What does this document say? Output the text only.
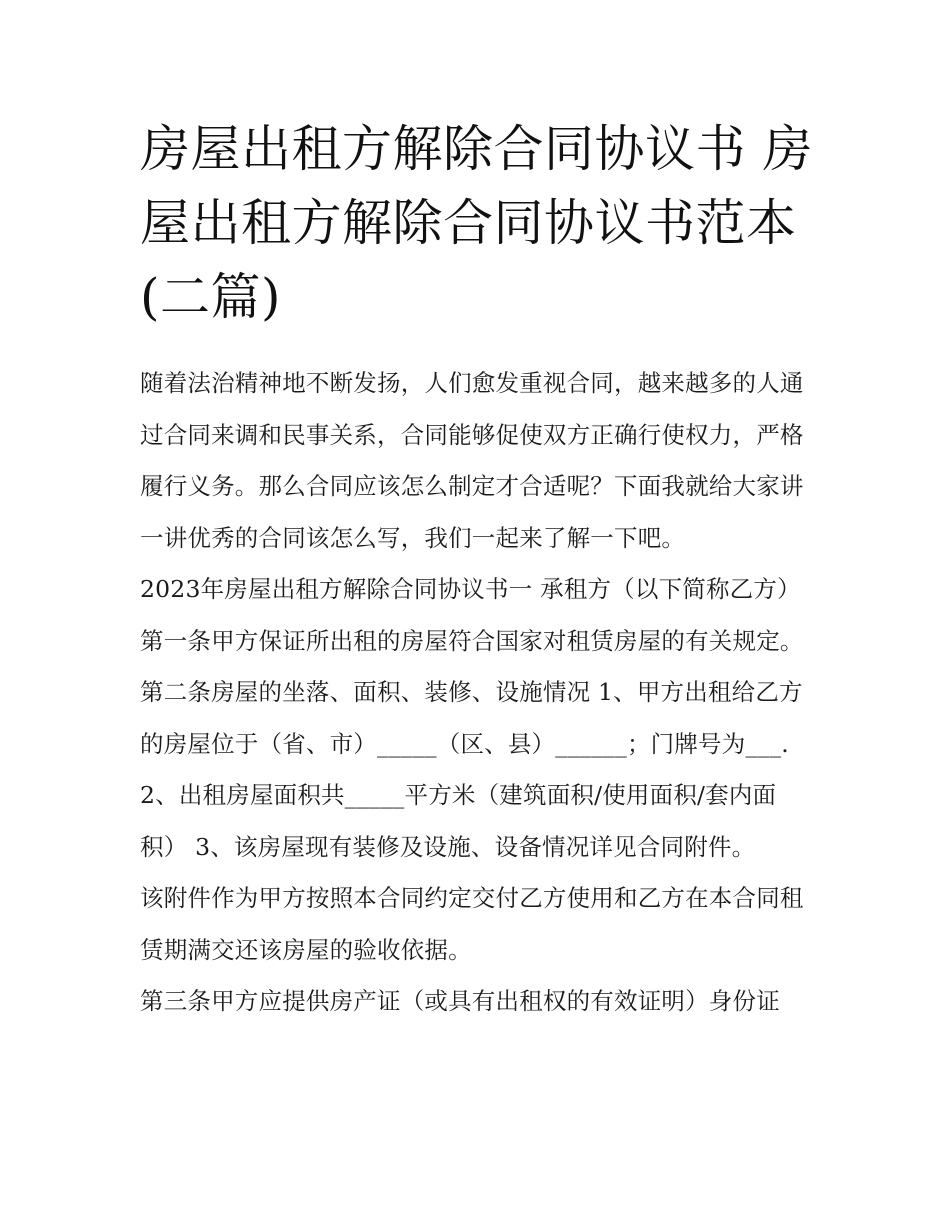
房屋出租方解除合同协议书 房屋出租方解除合同协议书范本(二篇)

随着法治精神地不断发扬，人们愈发重视合同，越来越多的人通过合同来调和民事关系，合同能够促使双方正确行使权力，严格履行义务。那么合同应该怎么制定才合适呢？下面我就给大家讲一讲优秀的合同该怎么写，我们一起来了解一下吧。

2023年房屋出租方解除合同协议书一 承租方（以下简称乙方） 第一条甲方保证所出租的房屋符合国家对租赁房屋的有关规定。

第二条房屋的坐落、面积、装修、设施情况 1、甲方出租给乙方的房屋位于（省、市）_____（区、县）______；门牌号为___.

2、出租房屋面积共_____平方米（建筑面积/使用面积/套内面积） 3、该房屋现有装修及设施、设备情况详见合同附件。

该附件作为甲方按照本合同约定交付乙方使用和乙方在本合同租赁期满交还该房屋的验收依据。

第三条甲方应提供房产证（或具有出租权的有效证明）身份证
